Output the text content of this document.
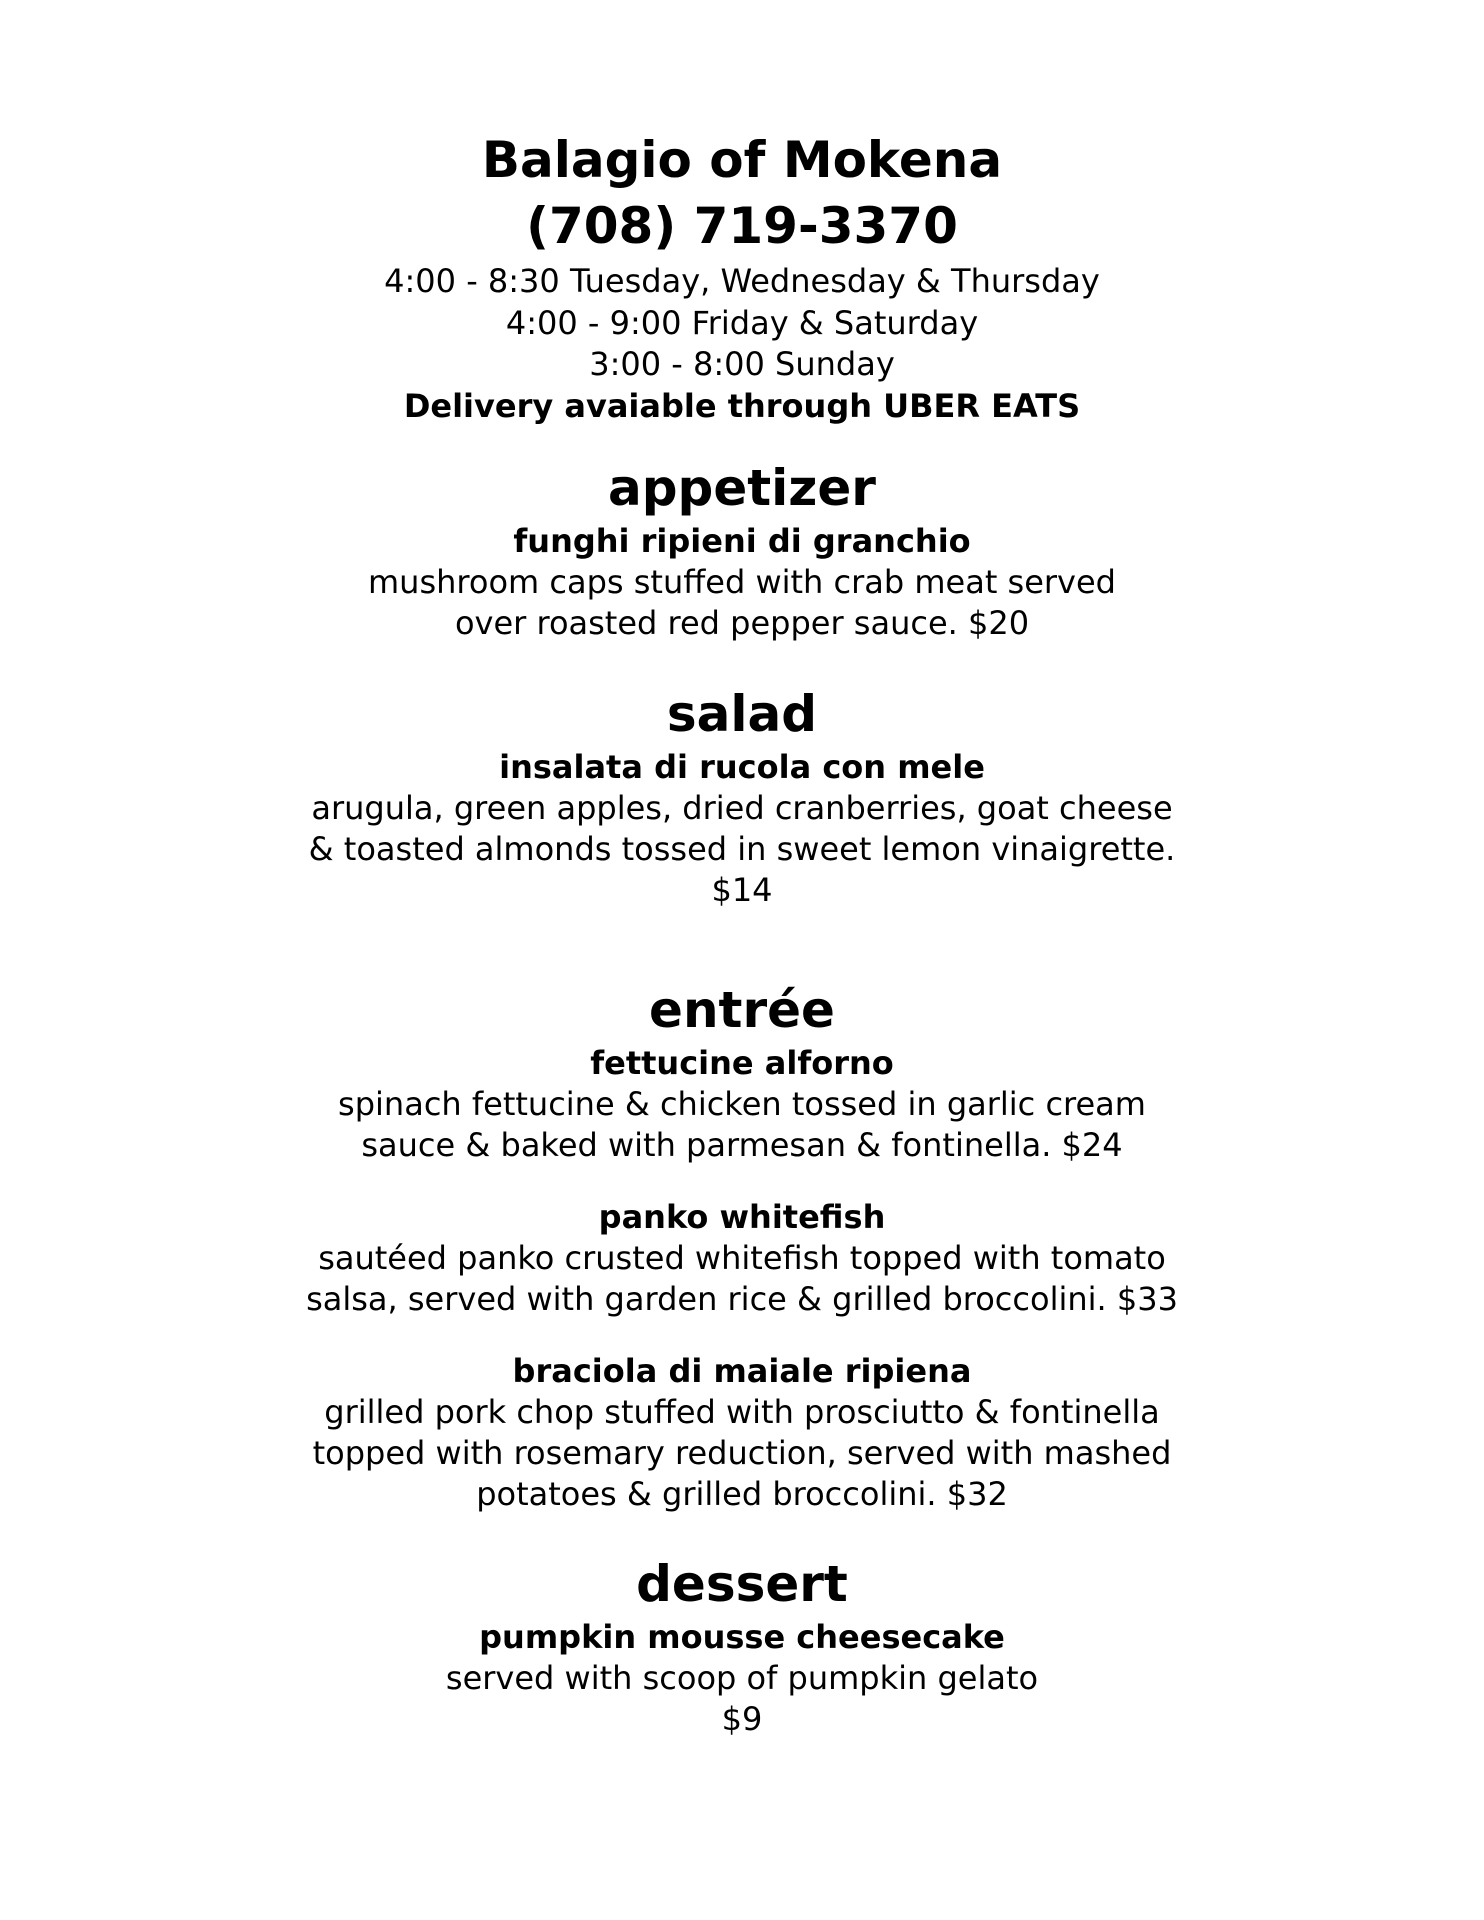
Balagio of Mokena
(708) 719-3370
4:00 - 8:30 Tuesday, Wednesday & Thursday
4:00 - 9:00 Friday & Saturday
3:00 - 8:00 Sunday
Delivery avaiable through UBER EATS
appetizer
funghi ripieni di granchio
mushroom caps stuffed with crab meat served
over roasted red pepper sauce. $20
salad
insalata di rucola con mele
arugula, green apples, dried cranberries, goat cheese
& toasted almonds tossed in sweet lemon vinaigrette.
$14
entrée
fettucine alforno
spinach fettucine & chicken tossed in garlic cream
sauce & baked with parmesan & fontinella. $24
panko whitefish
sautéed panko crusted whitefish topped with tomato
salsa, served with garden rice & grilled broccolini. $33
braciola di maiale ripiena
grilled pork chop stuffed with prosciutto & fontinella
topped with rosemary reduction, served with mashed
potatoes & grilled broccolini. $32
dessert
pumpkin mousse cheesecake
served with scoop of pumpkin gelato
$9
